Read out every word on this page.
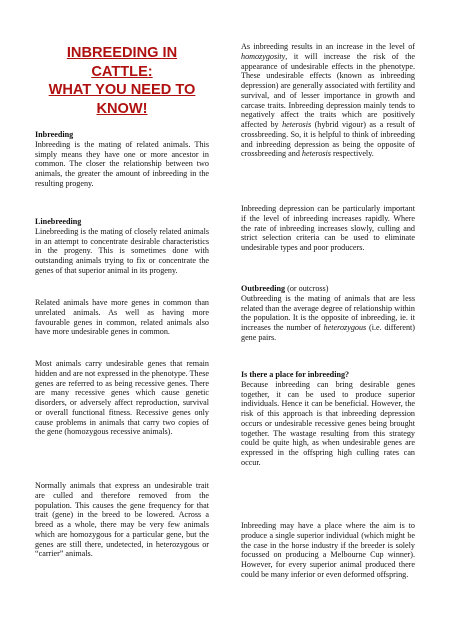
INBREEDING IN
CATTLE:
WHAT YOU NEED TO
KNOW!

Inbreeding

Inbreeding is the mating of related animals. This simply means they have one or more ancestor in common. The closer the relationship between two animals, the greater the amount of inbreeding in the resulting progeny.

Linebreeding

Linebreeding is the mating of closely related animals in an attempt to concentrate desirable characteristics in the progeny. This is sometimes done with outstanding animals trying to fix or concentrate the genes of that superior animal in its progeny.

Related animals have more genes in common than unrelated animals. As well as having more favourable genes in common, related animals also have more undesirable genes in common.

Most animals carry undesirable genes that remain hidden and are not expressed in the phenotype. These genes are referred to as being recessive genes. There are many recessive genes which cause genetic disorders, or adversely affect reproduction, survival or overall functional fitness. Recessive genes only cause problems in animals that carry two copies of the gene (homozygous recessive animals).

Normally animals that express an undesirable trait are culled and therefore removed from the population. This causes the gene frequency for that trait (gene) in the breed to be lowered. Across a breed as a whole, there may be very few animals which are homozygous for a particular gene, but the genes are still there, undetected, in heterozygous or “carrier” animals.

As inbreeding results in an increase in the level of homozygosity, it will increase the risk of the appearance of undesirable effects in the phenotype. These undesirable effects (known as inbreeding depression) are generally associated with fertility and survival, and of lesser importance in growth and carcase traits. Inbreeding depression mainly tends to negatively affect the traits which are positively affected by heterosis (hybrid vigour) as a result of crossbreeding. So, it is helpful to think of inbreeding and inbreeding depression as being the opposite of crossbreeding and heterosis respectively.

Inbreeding depression can be particularly important if the level of inbreeding increases rapidly. Where the rate of inbreeding increases slowly, culling and strict selection criteria can be used to eliminate undesirable types and poor producers.

Outbreeding (or outcross)

Outbreeding is the mating of animals that are less related than the average degree of relationship within the population. It is the opposite of inbreeding, ie. it increases the number of heterozygous (i.e. different) gene pairs.

Is there a place for inbreeding?

Because inbreeding can bring desirable genes together, it can be used to produce superior individuals. Hence it can be beneficial. However, the risk of this approach is that inbreeding depression occurs or undesirable recessive genes being brought together. The wastage resulting from this strategy could be quite high, as when undesirable genes are expressed in the offspring high culling rates can occur.

Inbreeding may have a place where the aim is to produce a single superior individual (which might be the case in the horse industry if the breeder is solely focussed on producing a Melbourne Cup winner). However, for every superior animal produced there could be many inferior or even deformed offspring.
